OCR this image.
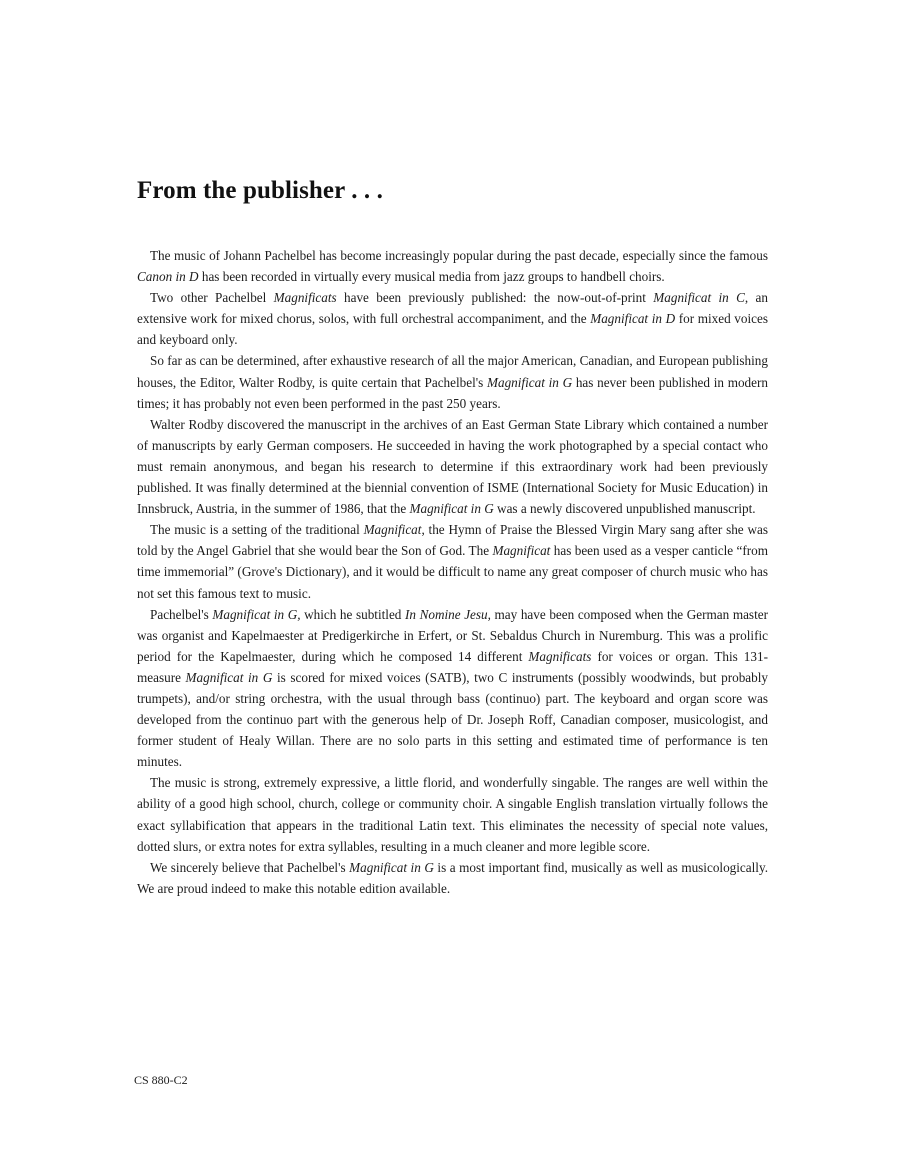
From the publisher . . .

The music of Johann Pachelbel has become increasingly popular during the past decade, especially since the famous Canon in D has been recorded in virtually every musical media from jazz groups to handbell choirs.

Two other Pachelbel Magnificats have been previously published: the now-out-of-print Magnificat in C, an extensive work for mixed chorus, solos, with full orchestral accompaniment, and the Magnificat in D for mixed voices and keyboard only.

So far as can be determined, after exhaustive research of all the major American, Canadian, and European publishing houses, the Editor, Walter Rodby, is quite certain that Pachelbel's Magnificat in G has never been published in modern times; it has probably not even been performed in the past 250 years.

Walter Rodby discovered the manuscript in the archives of an East German State Library which contained a number of manuscripts by early German composers. He succeeded in having the work photographed by a special contact who must remain anonymous, and began his research to determine if this extraordinary work had been previously published. It was finally determined at the biennial convention of ISME (International Society for Music Education) in Innsbruck, Austria, in the summer of 1986, that the Magnificat in G was a newly discovered unpublished manuscript.

The music is a setting of the traditional Magnificat, the Hymn of Praise the Blessed Virgin Mary sang after she was told by the Angel Gabriel that she would bear the Son of God. The Magnificat has been used as a vesper canticle “from time immemorial” (Grove's Dictionary), and it would be difficult to name any great composer of church music who has not set this famous text to music.

Pachelbel's Magnificat in G, which he subtitled In Nomine Jesu, may have been composed when the German master was organist and Kapelmaester at Predigerkirche in Erfert, or St. Sebaldus Church in Nuremburg. This was a prolific period for the Kapelmaester, during which he composed 14 different Magnificats for voices or organ. This 131-measure Magnificat in G is scored for mixed voices (SATB), two C instruments (possibly woodwinds, but probably trumpets), and/or string orchestra, with the usual through bass (continuo) part. The keyboard and organ score was developed from the continuo part with the generous help of Dr. Joseph Roff, Canadian composer, musicologist, and former student of Healy Willan. There are no solo parts in this setting and estimated time of performance is ten minutes.

The music is strong, extremely expressive, a little florid, and wonderfully singable. The ranges are well within the ability of a good high school, church, college or community choir. A singable English translation virtually follows the exact syllabification that appears in the traditional Latin text. This eliminates the necessity of special note values, dotted slurs, or extra notes for extra syllables, resulting in a much cleaner and more legible score.

We sincerely believe that Pachelbel's Magnificat in G is a most important find, musically as well as musicologically. We are proud indeed to make this notable edition available.

CS 880-C2
